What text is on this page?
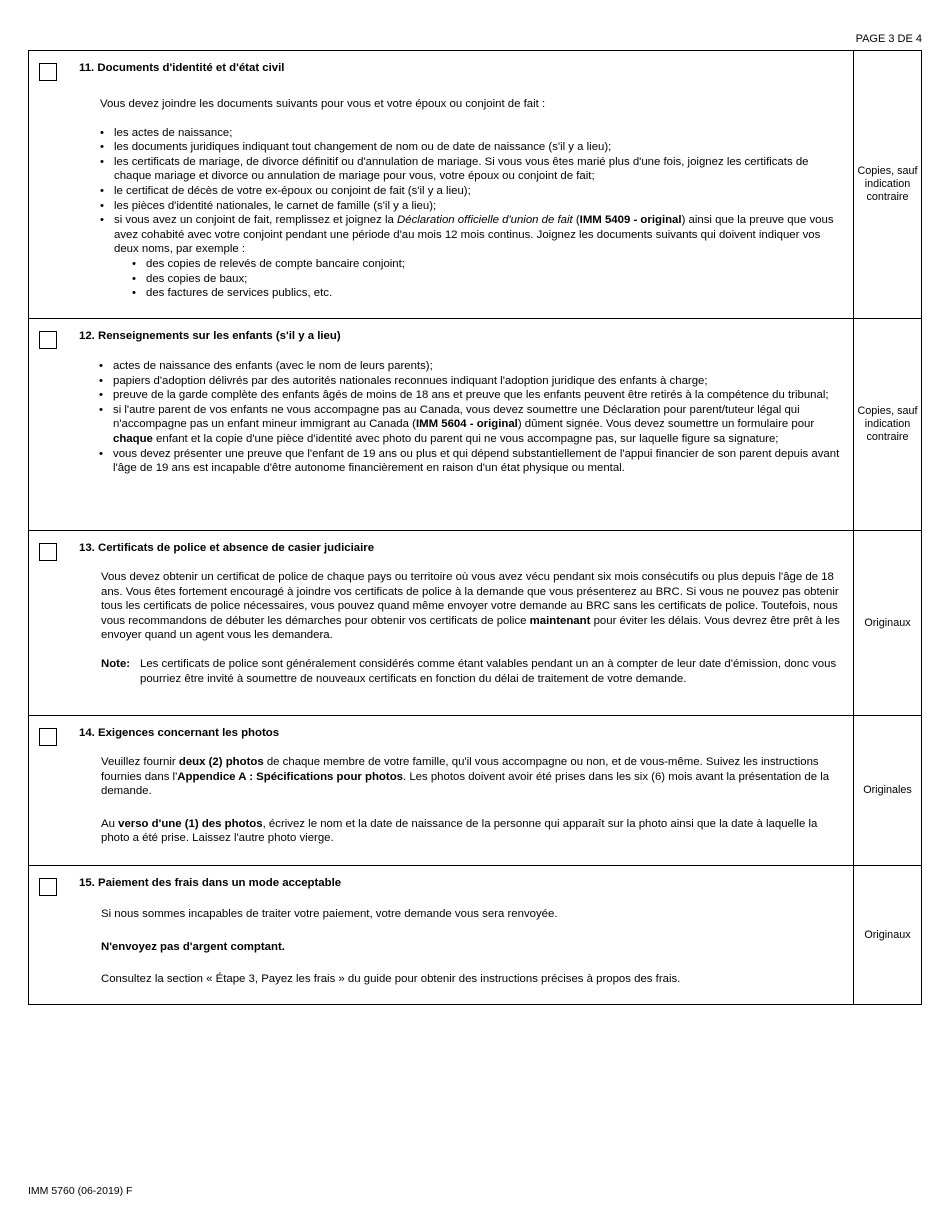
PAGE 3 DE 4
11. Documents d'identité et d'état civil

Vous devez joindre les documents suivants pour vous et votre époux ou conjoint de fait :

• les actes de naissance;
• les documents juridiques indiquant tout changement de nom ou de date de naissance (s'il y a lieu);
• les certificats de mariage, de divorce définitif ou d'annulation de mariage. Si vous vous êtes marié plus d'une fois, joignez les certificats de chaque mariage et divorce ou annulation de mariage pour vous, votre époux ou conjoint de fait;
• le certificat de décès de votre ex-époux ou conjoint de fait (s'il y a lieu);
• les pièces d'identité nationales, le carnet de famille (s'il y a lieu);
• si vous avez un conjoint de fait, remplissez et joignez la Déclaration officielle d'union de fait (IMM 5409 - original) ainsi que la preuve que vous avez cohabité avec votre conjoint pendant une période d'au mois 12 mois continus. Joignez les documents suivants qui doivent indiquer vos deux noms, par exemple :
• des copies de relevés de compte bancaire conjoint;
• des copies de baux;
• des factures de services publics, etc.
Copies, sauf indication contraire
12. Renseignements sur les enfants (s'il y a lieu)
• actes de naissance des enfants (avec le nom de leurs parents);
• papiers d'adoption délivrés par des autorités nationales reconnues indiquant l'adoption juridique des enfants à charge;
• preuve de la garde complète des enfants âgés de moins de 18 ans et preuve que les enfants peuvent être retirés à la compétence du tribunal;
• si l'autre parent de vos enfants ne vous accompagne pas au Canada, vous devez soumettre une Déclaration pour parent/tuteur légal qui n'accompagne pas un enfant mineur immigrant au Canada (IMM 5604 - original) dûment signée. Vous devez soumettre un formulaire pour chaque enfant et la copie d'une pièce d'identité avec photo du parent qui ne vous accompagne pas, sur laquelle figure sa signature;
• vous devez présenter une preuve que l'enfant de 19 ans ou plus et qui dépend substantiellement de l'appui financier de son parent depuis avant l'âge de 19 ans est incapable d'être autonome financièrement en raison d'un état physique ou mental.
Copies, sauf indication contraire
13. Certificats de police et absence de casier judiciaire

Vous devez obtenir un certificat de police de chaque pays ou territoire où vous avez vécu pendant six mois consécutifs ou plus depuis l'âge de 18 ans. Vous êtes fortement encouragé à joindre vos certificats de police à la demande que vous présenterez au BRC. Si vous ne pouvez pas obtenir tous les certificats de police nécessaires, vous pouvez quand même envoyer votre demande au BRC sans les certificats de police. Toutefois, nous vous recommandons de débuter les démarches pour obtenir vos certificats de police maintenant pour éviter les délais. Vous devrez être prêt à les envoyer quand un agent vous les demandera.

Note: Les certificats de police sont généralement considérés comme étant valables pendant un an à compter de leur date d'émission, donc vous pourriez être invité à soumettre de nouveaux certificats en fonction du délai de traitement de votre demande.
Originaux
14. Exigences concernant les photos

Veuillez fournir deux (2) photos de chaque membre de votre famille, qu'il vous accompagne ou non, et de vous-même. Suivez les instructions fournies dans l'Appendice A : Spécifications pour photos. Les photos doivent avoir été prises dans les six (6) mois avant la présentation de la demande.

Au verso d'une (1) des photos, écrivez le nom et la date de naissance de la personne qui apparaît sur la photo ainsi que la date à laquelle la photo a été prise. Laissez l'autre photo vierge.

Originales
15. Paiement des frais dans un mode acceptable

Si nous sommes incapables de traiter votre paiement, votre demande vous sera renvoyée.

N'envoyez pas d'argent comptant.

Consultez la section « Étape 3, Payez les frais » du guide pour obtenir des instructions précises à propos des frais.

Originaux
IMM 5760 (06-2019) F
